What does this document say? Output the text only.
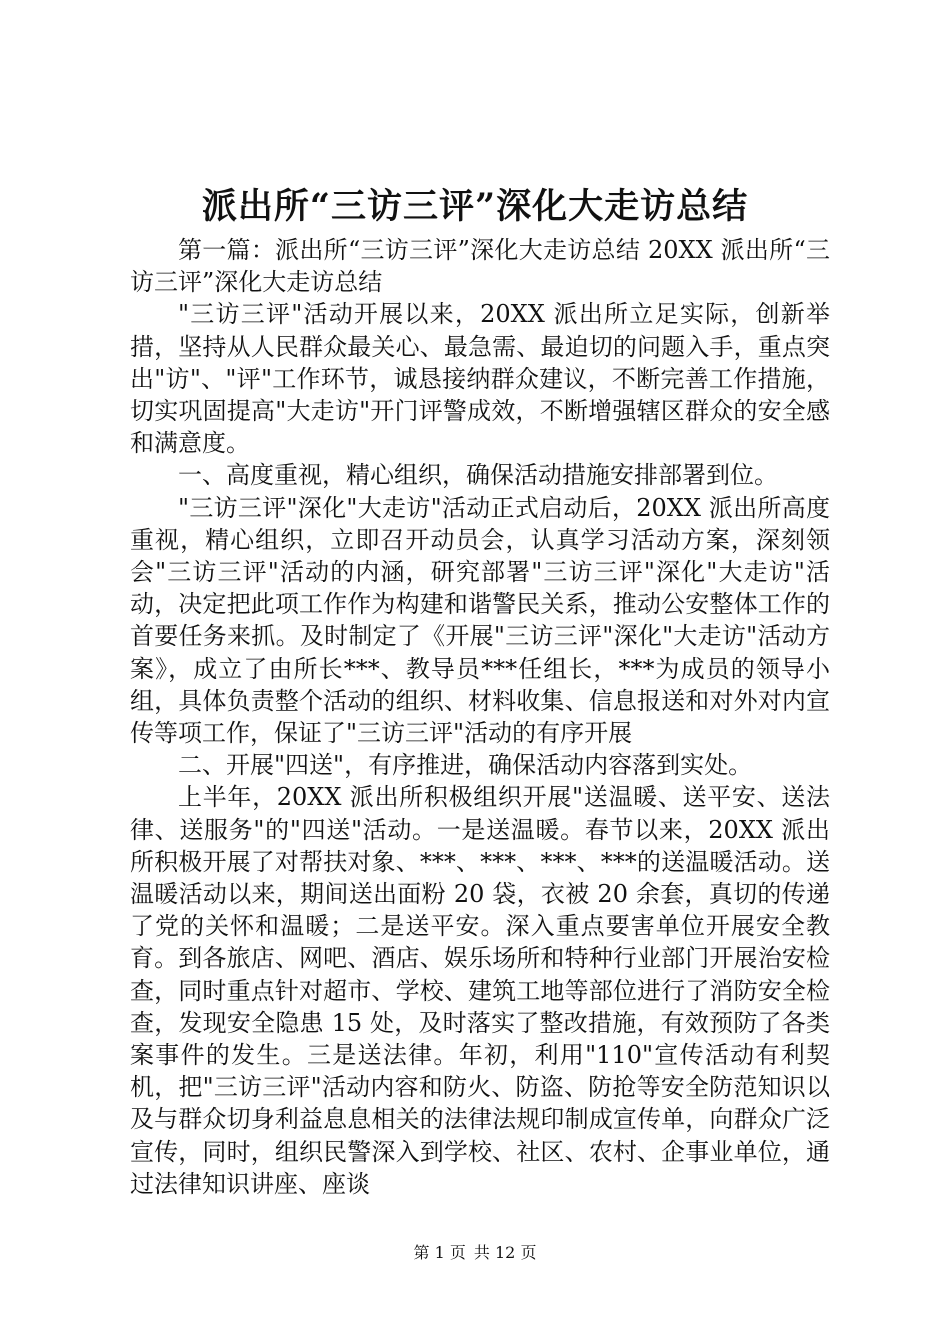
派出所“三访三评”深化大走访总结

第一篇：派出所“三访三评”深化大走访总结 20XX 派出所“三访三评”深化大走访总结

"三访三评"活动开展以来，20XX 派出所立足实际，创新举措，坚持从人民群众最关心、最急需、最迫切的问题入手，重点突出"访"、"评"工作环节，诚恳接纳群众建议，不断完善工作措施，切实巩固提高"大走访"开门评警成效，不断增强辖区群众的安全感和满意度。

一、高度重视，精心组织，确保活动措施安排部署到位。

"三访三评"深化"大走访"活动正式启动后，20XX 派出所高度重视，精心组织，立即召开动员会，认真学习活动方案，深刻领会"三访三评"活动的内涵，研究部署"三访三评"深化"大走访"活动，决定把此项工作作为构建和谐警民关系，推动公安整体工作的首要任务来抓。及时制定了《开展"三访三评"深化"大走访"活动方案》，成立了由所长***、教导员***任组长，***为成员的领导小组，具体负责整个活动的组织、材料收集、信息报送和对外对内宣传等项工作，保证了"三访三评"活动的有序开展

二、开展"四送"，有序推进，确保活动内容落到实处。

上半年，20XX 派出所积极组织开展"送温暖、送平安、送法律、送服务"的"四送"活动。一是送温暖。春节以来，20XX 派出所积极开展了对帮扶对象、***、***、***、***的送温暖活动。送温暖活动以来，期间送出面粉 20 袋，衣被 20 余套，真切的传递了党的关怀和温暖；二是送平安。深入重点要害单位开展安全教育。到各旅店、网吧、酒店、娱乐场所和特种行业部门开展治安检查，同时重点针对超市、学校、建筑工地等部位进行了消防安全检查，发现安全隐患 15 处，及时落实了整改措施，有效预防了各类案事件的发生。三是送法律。年初，利用"110"宣传活动有利契机，把"三访三评"活动内容和防火、防盗、防抢等安全防范知识以及与群众切身利益息息相关的法律法规印制成宣传单，向群众广泛宣传，同时，组织民警深入到学校、社区、农村、企事业单位，通过法律知识讲座、座谈

第 1 页 共 12 页
